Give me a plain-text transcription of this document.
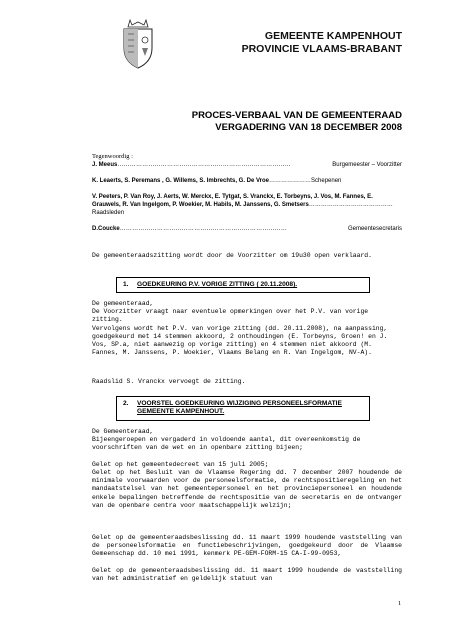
GEMEENTE KAMPENHOUT
PROVINCIE VLAAMS-BRABANT
PROCES-VERBAAL VAN DE GEMEENTERAAD
VERGADERING VAN 18 DECEMBER 2008
Tegenwoordig :
J. Meeus …………………………………………………………………………	Burgemeester – Voorzitter
K. Leaerts, S. Peremans , G. Willems, S. Imbrechts, G. De Vroe…………………Schepenen
V. Peeters, P. Van Roy, J. Aerts, W. Merckx, E. Tytgat, S. Vranckx, E. Torbeyns, J. Vos, M. Fannes, E. Grauwels, R. Van Ingelgom, P. Woekier, M. Habils, M. Janssens, G. Smetsers……………………………………Raadsleden
D.Coucke ………………………………………………………………………	Gemeentesecretaris
De gemeenteraadszitting wordt door de Voorzitter om 19u30 open verklaard.
1. GOEDKEURING P.V. VORIGE ZITTING ( 20.11.2008).
De gemeenteraad,
De Voorzitter vraagt naar eventuele opmerkingen over het P.V. van vorige zitting.
Vervolgens wordt het P.V. van vorige zitting (dd. 20.11.2008), na aanpassing, goedgekeurd met 14 stemmen akkoord, 2 onthoudingen (E. Torbeyns, Groen! en J. Vos, SP.a, niet aanwezig op vorige zitting) en 4 stemmen niet akkoord (M. Fannes, M. Janssens, P. Woekier, Vlaams Belang en R. Van Ingelgom, NV-A).
Raadslid S. Vranckx vervoegt de zitting.
2. VOORSTEL GOEDKEURING WIJZIGING PERSONEELSFORMATIE
GEMEENTE KAMPENHOUT.
De Gemeenteraad,
Bijeengeroepen en vergaderd in voldoende aantal, dit overeenkomstig de voorschriften van de wet en in openbare zitting bijeen;
Gelet op het gemeentedecreet van 15 juli 2005;
Gelet op het Besluit van de Vlaamse Regering dd. 7 december 2007 houdende de minimale voorwaarden voor de personeelsformatie, de rechtspositieregeling en het mandaatstelsel van het gemeentepersoneel en het provinciepersoneel en houdende enkele bepalingen betreffende de rechtspositie van de secretaris en de ontvanger van de openbare centra voor maatschappelijk welzijn;
Gelet op de gemeenteraadsbeslissing dd. 11 maart 1999 houdende vaststelling van de personeelsformatie en functiebeschrijvingen, goedgekeurd door de Vlaamse Gemeenschap dd. 10 mei 1991, kenmerk PE-GEM-FORM-15 CA-I-99-0953,
Gelet op de gemeenteraadsbeslissing dd. 11 maart 1999 houdende de vaststelling van het administratief en geldelijk statuut van
1
